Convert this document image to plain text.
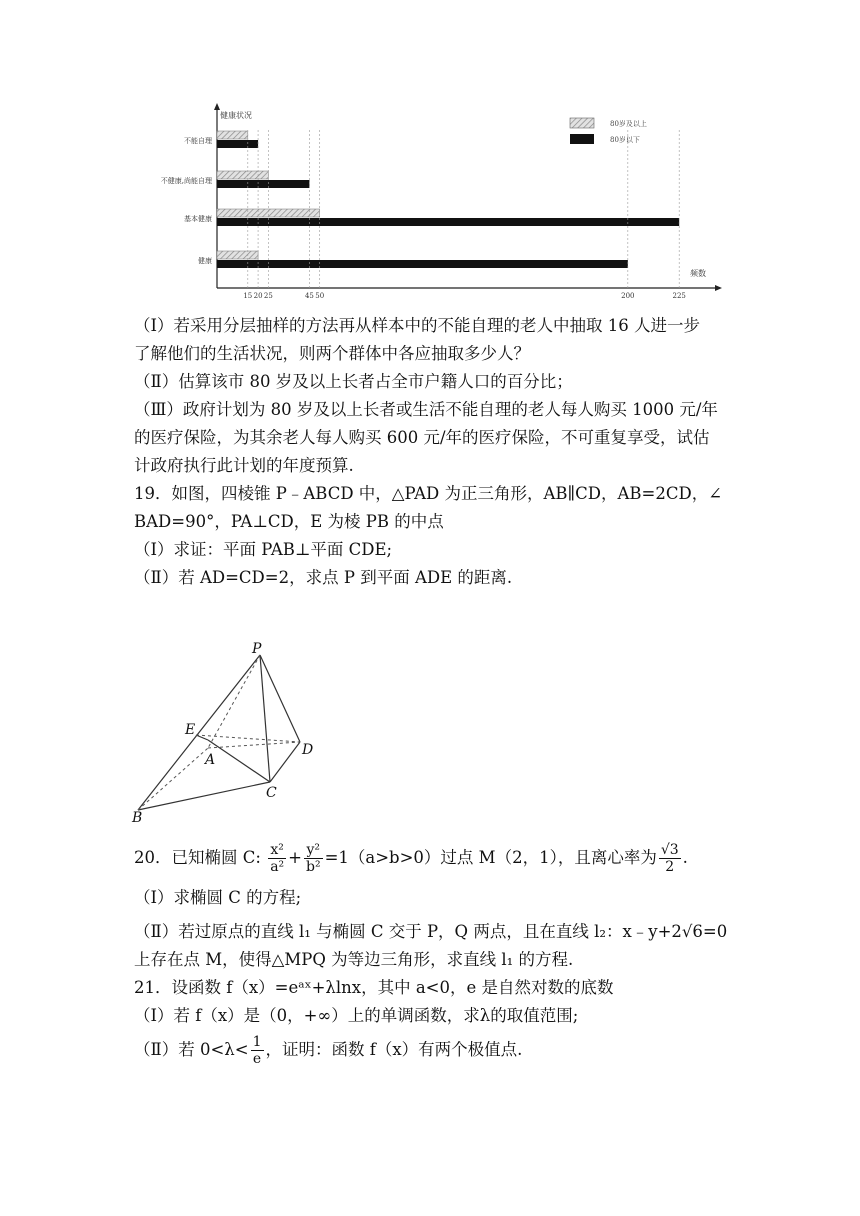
健康状况
频数
不能自理
不健康,尚能自理
基本健康
健康
15 20 25	45 50	200	225
80岁及以上
80岁以下
（Ⅰ）若采用分层抽样的方法再从样本中的不能自理的老人中抽取 16 人进一步
了解他们的生活状况，则两个群体中各应抽取多少人？
（Ⅱ）估算该市 80 岁及以上长者占全市户籍人口的百分比；
（Ⅲ）政府计划为 80 岁及以上长者或生活不能自理的老人每人购买 1000 元/年
的医疗保险，为其余老人每人购买 600 元/年的医疗保险，不可重复享受，试估
计政府执行此计划的年度预算.
19．如图，四棱锥 P﹣ABCD 中，△PAD 为正三角形，AB∥CD，AB=2CD，∠
BAD=90°，PA⊥CD，E 为棱 PB 的中点
（Ⅰ）求证：平面 PAB⊥平面 CDE;
（Ⅱ）若 AD=CD=2，求点 P 到平面 ADE 的距离.
P
E
A
D
C
B
20．已知椭圆 C: $\frac{\text{x²}}{\text{a²}} + \frac{\text{y²}}{\text{b²}} =1(a>b>0)$过点 M（2，1），且离心率为 $\frac{√3}{2}$ .
（Ⅰ）求椭圆 C 的方程;
（Ⅱ）若过原点的直线 l₁ 与椭圆 C 交于 P，Q 两点，且在直线 l₂：x﹣y+2√6=0
上存在点 M，使得△MPQ 为等边三角形，求直线 l₁ 的方程.
21．设函数 f（x）=eᵃˣ+λlnx，其中 a<0，e 是自然对数的底数
（Ⅰ）若 f（x）是（0，+∞）上的单调函数，求λ的取值范围;
（Ⅱ）若 $0<\lambda< \frac{1}{e}$ ，证明：函数 f（x）有两个极值点.
